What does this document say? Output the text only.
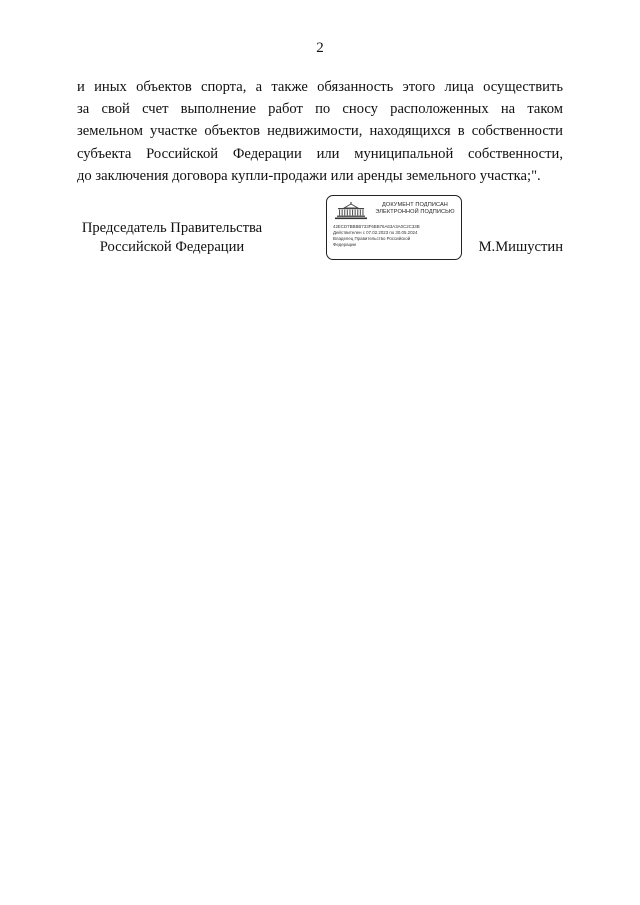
2
и иных объектов спорта, а также обязанность этого лица осуществить
за свой счет выполнение работ по сносу расположенных на таком
земельном участке объектов недвижимости, находящихся в собственности
субъекта Российской Федерации или муниципальной собственности,
до заключения договора купли-продажи или аренды земельного участка;".
Председатель Правительства
Российской Федерации
ДОКУМЕНТ ПОДПИСАН
ЭЛЕКТРОННОЙ ПОДПИСЬЮ
42ECD7BBBB733F6BB76A63A3A0C2C33B
Действителен с 07.02.2023 по 30.05.2024
Владелец Правительство Российской
Федерации	М.Мишустин
